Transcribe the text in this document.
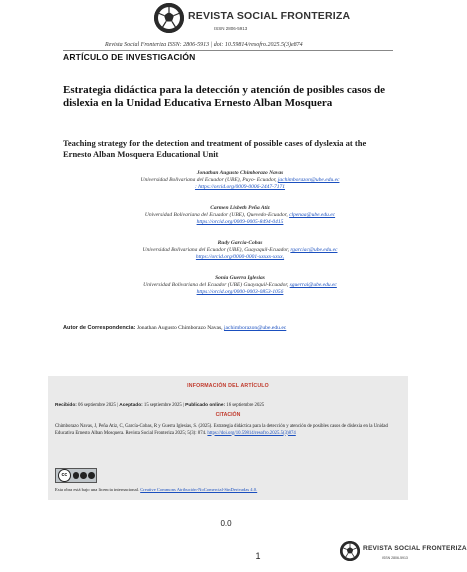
REVISTA SOCIAL FRONTERIZA
ISSN 2806-5913
Revista Social Fronteriza ISSN: 2806-5913 | doi: 10.59814/resofro.2025.5(3)e874
ARTÍCULO DE INVESTIGACIÓN
Estrategia didáctica para la detección y atención de posibles casos de dislexia en la Unidad Educativa Ernesto Alban Mosquera
Teaching strategy for the detection and treatment of possible cases of dyslexia at the Ernesto Alban Mosquera Educational Unit
Jonathan Augusto Chimborazo Navas
Universidad Bolivariana del Ecuador (UBE), Puyo- Ecuador, jachimborazon@ube.edu.ec
: https://orcid.org/0009-0006-2447-7171
Carmen Lisbeth Peña Atiz
Universidad Bolivariana del Ecuador (UBE), Quevedo-Ecuador, clpenaa@ube.edu.ec
https://orcid.org/0009-0005-8494-0415
Rudy Garcia-Cobas
Universidad Bolivariana del Ecuador (UBE), Guayaquil-Ecuador, rgarciac@ube.edu.ec
https://orcid.org/0000-0001-xxxxx-xxxx,
Sonia Guerra Iglesias
Universidad Bolivariana del Ecuador (UBE) Guayaquil-Ecuador, sguerrai@ube.edu.ec
https://orcid.org/0000-0003-0853-1056
Autor de Correspondencia: Jonathan Augusto Chimborazo Navas, jachimborazon@ube.edu.ec
INFORMACIÓN DEL ARTÍCULO
Recibido: 06 septiembre 2025 | Aceptado: 15 septiembre 2025 | Publicado online: 16 septiembre 2025
CITACIÓN
Chimborazo Navas, J, Peña Atiz, C, García-Cobas, R y Guerra Iglesias, S. (2025). Estrategia didáctica para la detección y atención de posibles casos de dislexia en la Unidad Educativa Ernesto Alban Mosquera. Revista Social Fronteriza 2025; 5(3): 874. https://doi.org/10.59814/resofro.2025.5(3)874
cc
Esta obra está bajo una licencia internacional. Creative Commons Atribución-NoComercial-SinDerivadas 4.0.
0.0
1
REVISTA SOCIAL FRONTERIZA
ISSN 2806-5913
